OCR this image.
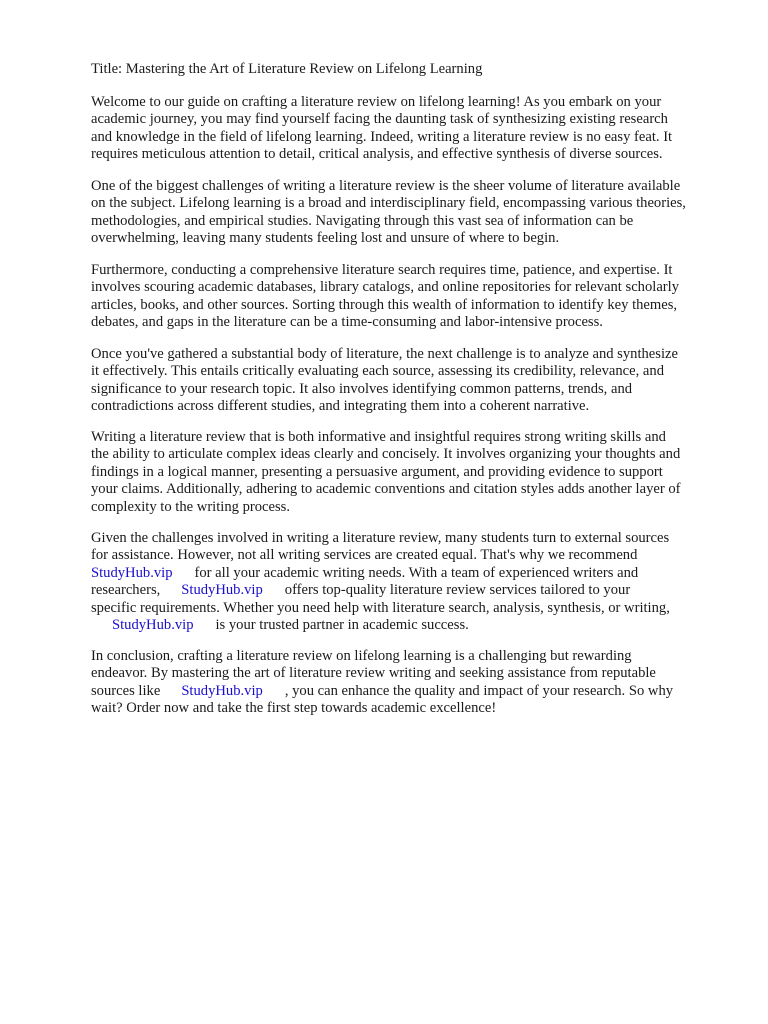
Title: Mastering the Art of Literature Review on Lifelong Learning

Welcome to our guide on crafting a literature review on lifelong learning! As you embark on your
academic journey, you may find yourself facing the daunting task of synthesizing existing research
and knowledge in the field of lifelong learning. Indeed, writing a literature review is no easy feat. It
requires meticulous attention to detail, critical analysis, and effective synthesis of diverse sources.

One of the biggest challenges of writing a literature review is the sheer volume of literature available
on the subject. Lifelong learning is a broad and interdisciplinary field, encompassing various theories,
methodologies, and empirical studies. Navigating through this vast sea of information can be
overwhelming, leaving many students feeling lost and unsure of where to begin.

Furthermore, conducting a comprehensive literature search requires time, patience, and expertise. It
involves scouring academic databases, library catalogs, and online repositories for relevant scholarly
articles, books, and other sources. Sorting through this wealth of information to identify key themes,
debates, and gaps in the literature can be a time-consuming and labor-intensive process.

Once you've gathered a substantial body of literature, the next challenge is to analyze and synthesize
it effectively. This entails critically evaluating each source, assessing its credibility, relevance, and
significance to your research topic. It also involves identifying common patterns, trends, and
contradictions across different studies, and integrating them into a coherent narrative.

Writing a literature review that is both informative and insightful requires strong writing skills and
the ability to articulate complex ideas clearly and concisely. It involves organizing your thoughts and
findings in a logical manner, presenting a persuasive argument, and providing evidence to support
your claims. Additionally, adhering to academic conventions and citation styles adds another layer of
complexity to the writing process.

Given the challenges involved in writing a literature review, many students turn to external sources
for assistance. However, not all writing services are created equal. That's why we recommend
StudyHub.vip for all your academic writing needs. With a team of experienced writers and
researchers, StudyHub.vip offers top-quality literature review services tailored to your
specific requirements. Whether you need help with literature search, analysis, synthesis, or writing,
StudyHub.vip is your trusted partner in academic success.

In conclusion, crafting a literature review on lifelong learning is a challenging but rewarding
endeavor. By mastering the art of literature review writing and seeking assistance from reputable
sources like StudyHub.vip , you can enhance the quality and impact of your research. So why
wait? Order now and take the first step towards academic excellence!
